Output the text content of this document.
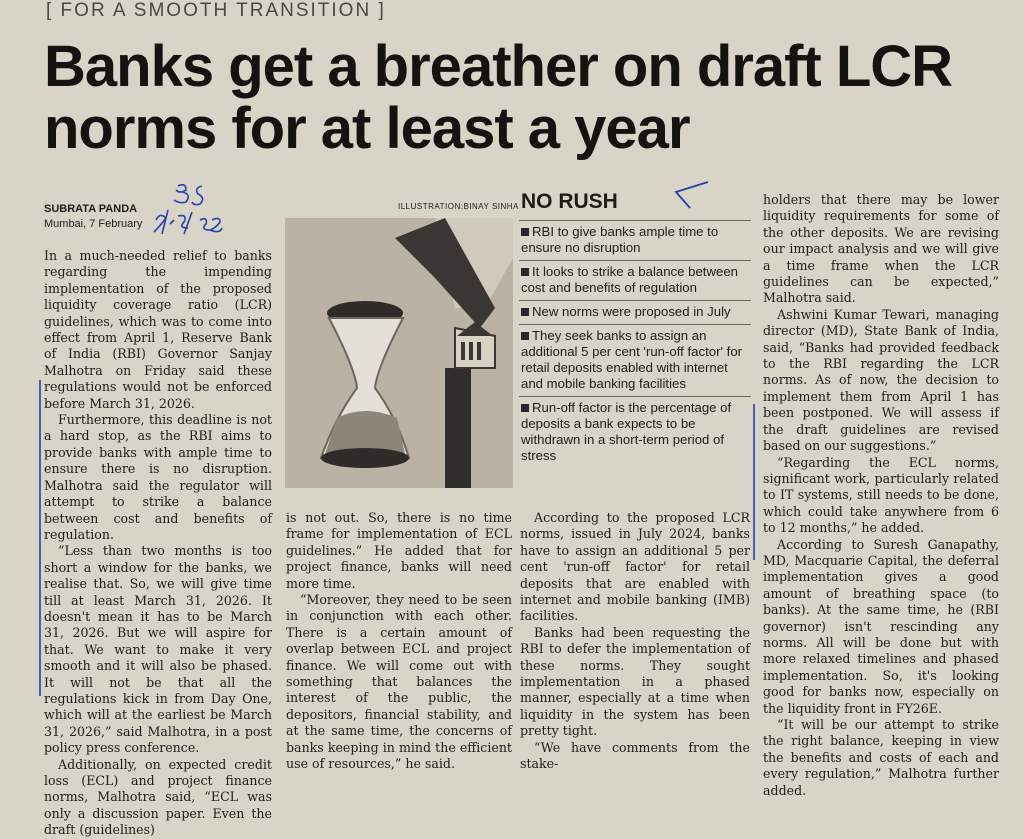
[ FOR A SMOOTH TRANSITION ]
Banks get a breather on draft LCR norms for at least a year
SUBRATA PANDA
Mumbai, 7 February
ILLUSTRATION:BINAY SINHA NO RUSH
RBI to give banks ample time to ensure no disruption
It looks to strike a balance between cost and benefits of regulation
New norms were proposed in July
They seek banks to assign an additional 5 per cent 'run-off factor' for retail deposits enabled with internet and mobile banking facilities
Run-off factor is the percentage of deposits a bank expects to be withdrawn in a short-term period of stress

In a much-needed relief to banks regarding the impending implementation of the proposed liquidity coverage ratio (LCR) guidelines, which was to come into effect from April 1, Reserve Bank of India (RBI) Governor Sanjay Malhotra on Friday said these regulations would not be enforced before March 31, 2026.

Furthermore, this deadline is not a hard stop, as the RBI aims to provide banks with ample time to ensure there is no disruption. Malhotra said the regulator will attempt to strike a balance between cost and benefits of regulation.

“Less than two months is too short a window for the banks, we realise that. So, we will give time till at least March 31, 2026. It doesn't mean it has to be March 31, 2026. But we will aspire for that. We want to make it very smooth and it will also be phased. It will not be that all the regulations kick in from Day One, which will at the earliest be March 31, 2026,” said Malhotra, in a post policy press conference.

Additionally, on expected credit loss (ECL) and project finance norms, Malhotra said, “ECL was only a discussion paper. Even the draft (guidelines)

is not out. So, there is no time frame for implementation of ECL guidelines.” He added that for project finance, banks will need more time.

“Moreover, they need to be seen in conjunction with each other. There is a certain amount of overlap between ECL and project finance. We will come out with something that balances the interest of the public, the depositors, financial stability, and at the same time, the concerns of banks keeping in mind the efficient use of resources,” he said.

According to the proposed LCR norms, issued in July 2024, banks have to assign an additional 5 per cent 'run-off factor' for retail deposits that are enabled with internet and mobile banking (IMB) facilities.

Banks had been requesting the RBI to defer the implementation of these norms. They sought implementation in a phased manner, especially at a time when liquidity in the system has been pretty tight.

“We have comments from the stake-

holders that there may be lower liquidity requirements for some of the other deposits. We are revising our impact analysis and we will give a time frame when the LCR guidelines can be expected,” Malhotra said.

Ashwini Kumar Tewari, managing director (MD), State Bank of India, said, “Banks had provided feedback to the RBI regarding the LCR norms. As of now, the decision to implement them from April 1 has been postponed. We will assess if the draft guidelines are revised based on our suggestions.”

“Regarding the ECL norms, significant work, particularly related to IT systems, still needs to be done, which could take anywhere from 6 to 12 months,” he added.

According to Suresh Ganapathy, MD, Macquarie Capital, the deferral implementation gives a good amount of breathing space (to banks). At the same time, he (RBI governor) isn't rescinding any norms. All will be done but with more relaxed timelines and phased implementation. So, it's looking good for banks now, especially on the liquidity front in FY26E.

“It will be our attempt to strike the right balance, keeping in view the benefits and costs of each and every regulation,” Malhotra further added.
